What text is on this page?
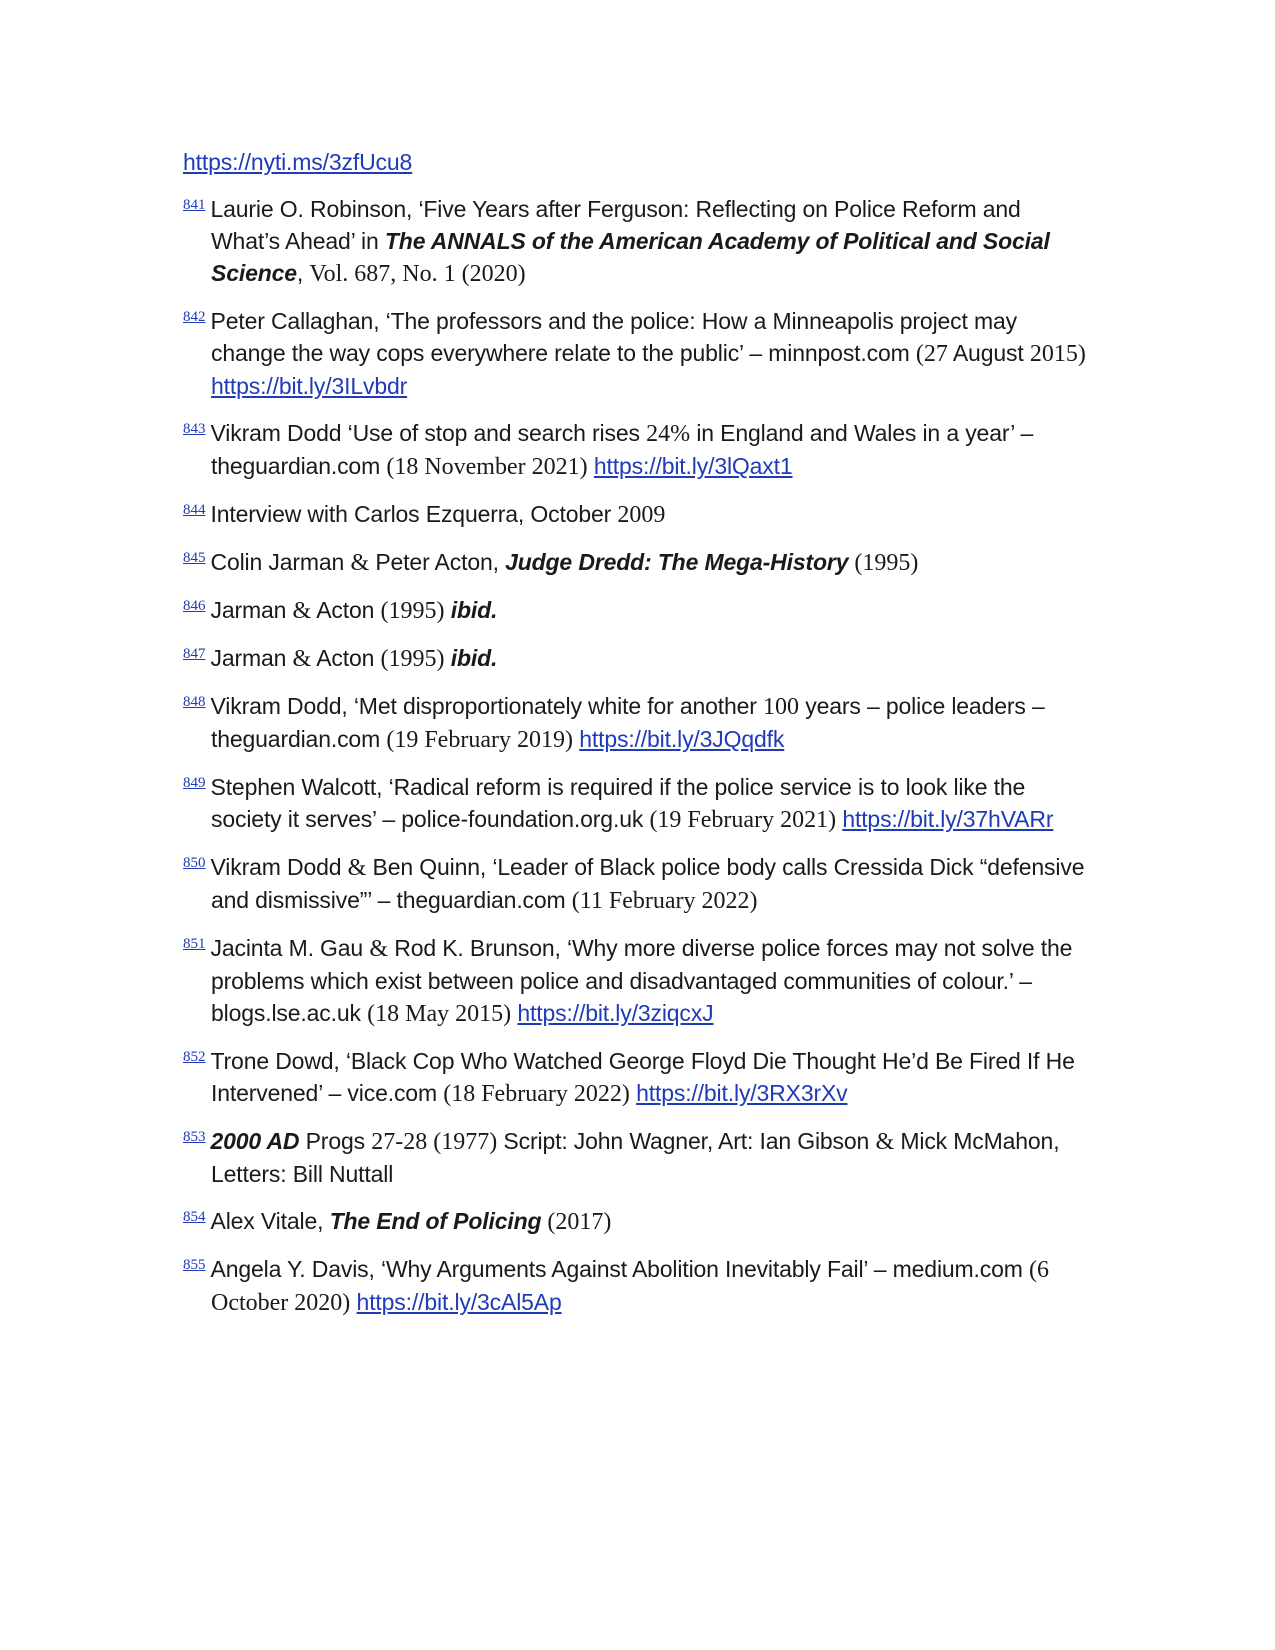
https://nyti.ms/3zfUcu8
$^{841}$ Laurie O. Robinson, ‘Five Years after Ferguson: Reflecting on Police Reform and What’s Ahead’ in The ANNALS of the American Academy of Political and Social Science, Vol. 687, No. 1 (2020)
$^{842}$ Peter Callaghan, ‘The professors and the police: How a Minneapolis project may change the way cops everywhere relate to the public’ – minnpost.com (27 August 2015) https://bit.ly/3ILvbdr
$^{843}$ Vikram Dodd ‘Use of stop and search rises 24% in England and Wales in a year’ – theguardian.com (18 November 2021) https://bit.ly/3lQaxt1
$^{844}$ Interview with Carlos Ezquerra, October 2009
$^{845}$ Colin Jarman & Peter Acton, Judge Dredd: The Mega-History (1995)
$^{846}$ Jarman & Acton (1995) ibid.
$^{847}$ Jarman & Acton (1995) ibid.
$^{848}$ Vikram Dodd, ‘Met disproportionately white for another 100 years – police leaders – theguardian.com (19 February 2019) https://bit.ly/3JQqdfk
$^{849}$ Stephen Walcott, ‘Radical reform is required if the police service is to look like the society it serves’ – police-foundation.org.uk (19 February 2021) https://bit.ly/37hVARr
$^{850}$ Vikram Dodd & Ben Quinn, ‘Leader of Black police body calls Cressida Dick “defensive and dismissive”’ – theguardian.com (11 February 2022)
$^{851}$ Jacinta M. Gau & Rod K. Brunson, ‘Why more diverse police forces may not solve the problems which exist between police and disadvantaged communities of colour.’ – blogs.lse.ac.uk (18 May 2015) https://bit.ly/3ziqcxJ
$^{852}$ Trone Dowd, ‘Black Cop Who Watched George Floyd Die Thought He’d Be Fired If He Intervened’ – vice.com (18 February 2022) https://bit.ly/3RX3rXv
$^{853}$ 2000 AD Progs 27-28 (1977) Script: John Wagner, Art: Ian Gibson & Mick McMahon, Letters: Bill Nuttall
$^{854}$ Alex Vitale, The End of Policing (2017)
$^{855}$ Angela Y. Davis, ‘Why Arguments Against Abolition Inevitably Fail’ – medium.com (6 October 2020) https://bit.ly/3cAl5Ap
